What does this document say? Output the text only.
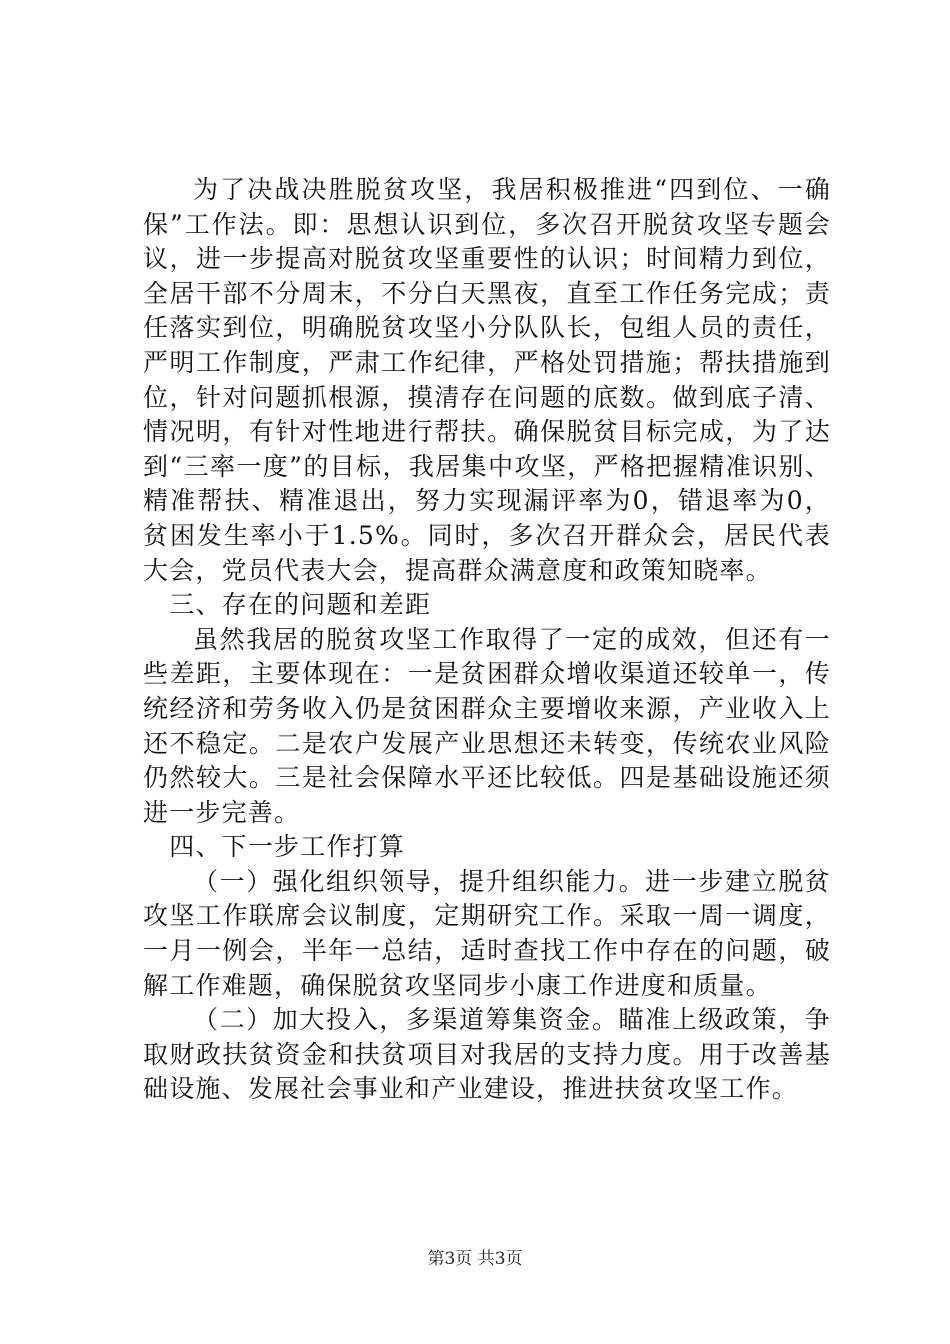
为了决战决胜脱贫攻坚，我居积极推进“四到位、一确保”工作法。即：思想认识到位，多次召开脱贫攻坚专题会议，进一步提高对脱贫攻坚重要性的认识；时间精力到位，全居干部不分周末，不分白天黑夜，直至工作任务完成；责任落实到位，明确脱贫攻坚小分队队长，包组人员的责任，严明工作制度，严肃工作纪律，严格处罚措施；帮扶措施到位，针对问题抓根源，摸清存在问题的底数。做到底子清、情况明，有针对性地进行帮扶。确保脱贫目标完成，为了达到“三率一度”的目标，我居集中攻坚，严格把握精准识别、精准帮扶、精准退出，努力实现漏评率为0，错退率为0，贫困发生率小于1.5%。同时，多次召开群众会，居民代表大会，党员代表大会，提高群众满意度和政策知晓率。

三、存在的问题和差距

虽然我居的脱贫攻坚工作取得了一定的成效，但还有一些差距，主要体现在：一是贫困群众增收渠道还较单一，传统经济和劳务收入仍是贫困群众主要增收来源，产业收入上还不稳定。二是农户发展产业思想还未转变，传统农业风险仍然较大。三是社会保障水平还比较低。四是基础设施还须进一步完善。

四、下一步工作打算

（一）强化组织领导，提升组织能力。进一步建立脱贫攻坚工作联席会议制度，定期研究工作。采取一周一调度，一月一例会，半年一总结，适时查找工作中存在的问题，破解工作难题，确保脱贫攻坚同步小康工作进度和质量。

（二）加大投入，多渠道筹集资金。瞄准上级政策，争取财政扶贫资金和扶贫项目对我居的支持力度。用于改善基础设施、发展社会事业和产业建设，推进扶贫攻坚工作。

第3页 共3页
